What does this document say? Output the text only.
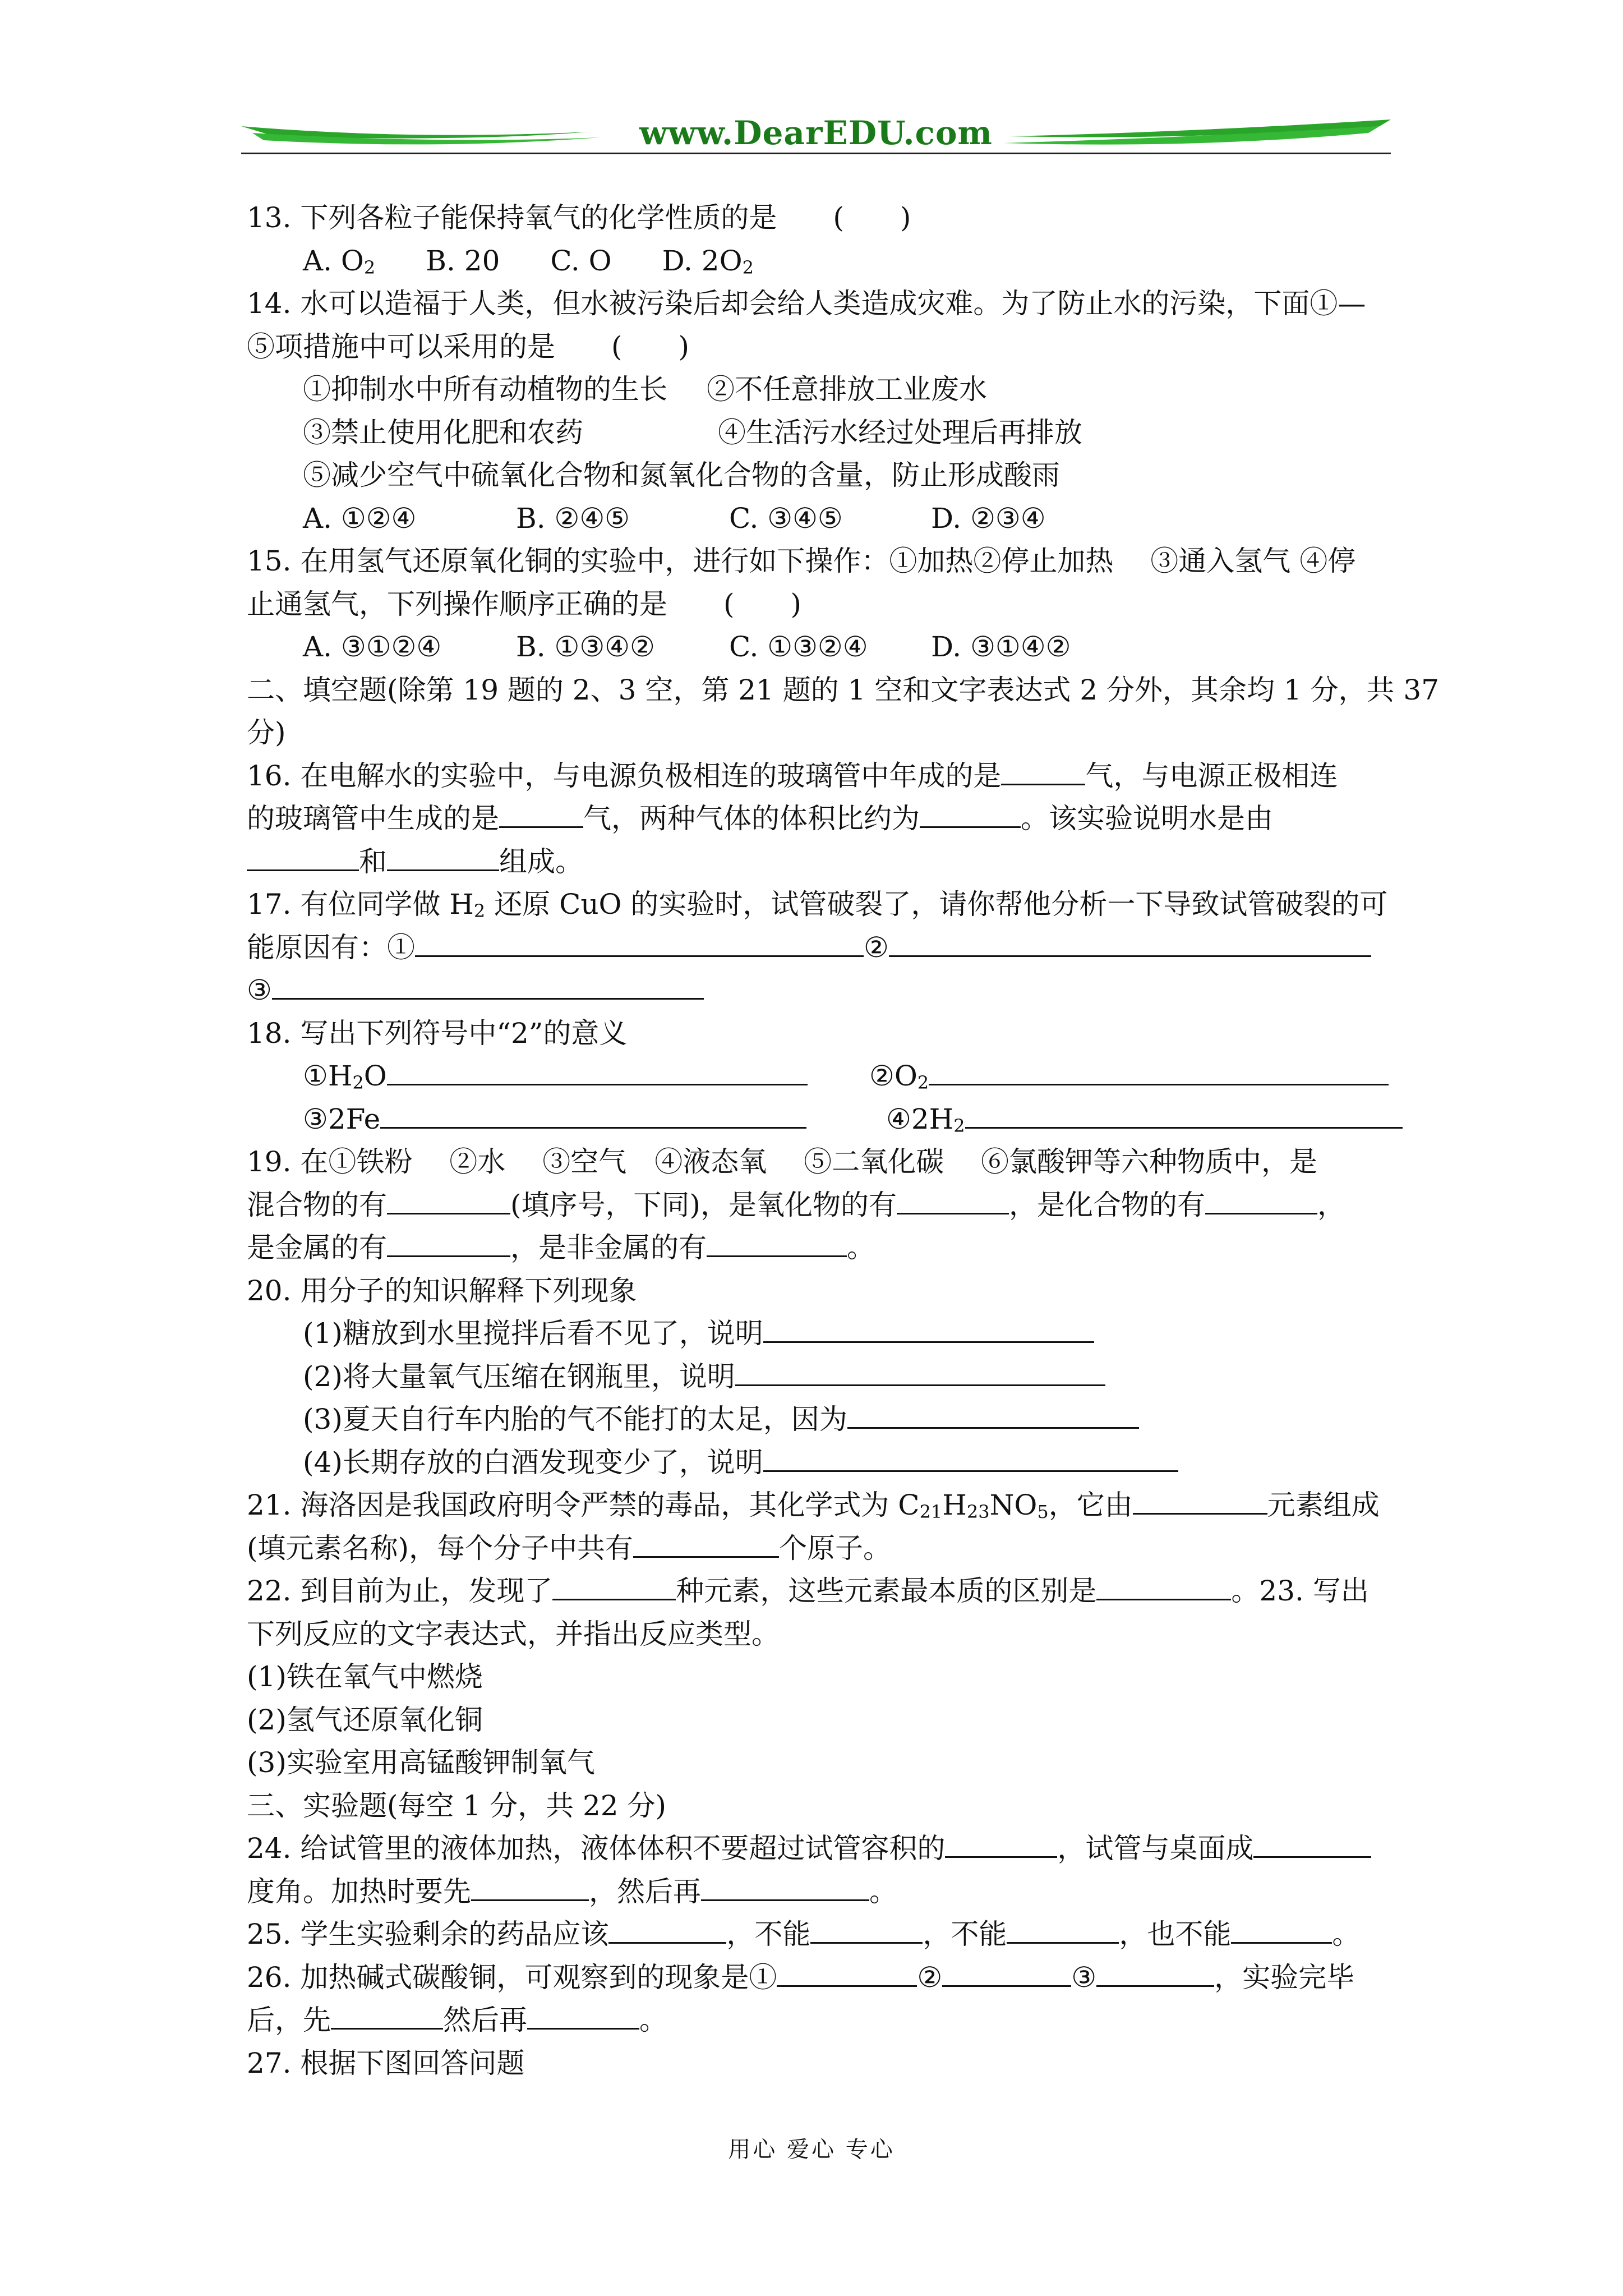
www.DearEDU.com
13. 下列各粒子能保持氧气的化学性质的是 (　　)
A. $O_2$ B. 20 C. O D. $2O_2$
14. 水可以造福于人类，但水被污染后却会给人类造成灾难。为了防止水的污染，下面①—
⑤项措施中可以采用的是　　(　　)
①抑制水中所有动植物的生长 ②不任意排放工业废水
③禁止使用化肥和农药	④生活污水经过处理后再排放
⑤减少空气中硫氧化合物和氮氧化合物的含量，防止形成酸雨
A. ①②④	B. ②④⑤	C. ③④⑤	D. ②③④
15. 在用氢气还原氧化铜的实验中，进行如下操作：①加热②停止加热　 ③通入氢气 ④停
止通氢气，下列操作顺序正确的是　　(　　)
A. ③①②④	B. ①③④②	C. ①③②④ D. ③①④②
二、填空题(除第 19 题的 2、3 空，第 21 题的 1 空和文字表达式 2 分外，其余均 1 分，共 37
分)
16. 在电解水的实验中，与电源负极相连的玻璃管中年成的是	气，与电源正极相连
的玻璃管中生成的是	气，两种气体的体积比约为	。该实验说明水是由
和	组成。
17. 有位同学做 $H_2$ 还原 CuO 的实验时，试管破裂了，请你帮他分析一下导致试管破裂的可
能原因有：①	②
③
18. 写出下列符号中“2”的意义
$①H_2O$	$②O_2$
③2Fe	$④2H_2$
19. 在①铁粉　 ②水　 ③空气　④液态氧　 ⑤二氧化碳　 ⑥氯酸钾等六种物质中，是
混合物的有	(填序号，下同)，是氧化物的有	，是化合物的有	，
是金属的有	，是非金属的有	。
20. 用分子的知识解释下列现象
(1)糖放到水里搅拌后看不见了，说明
(2)将大量氧气压缩在钢瓶里，说明
(3)夏天自行车内胎的气不能打的太足，因为
(4)长期存放的白酒发现变少了，说明
21. 海洛因是我国政府明令严禁的毒品，其化学式为 $C_{21}H_{23}NO_5$，它由	元素组成
(填元素名称)，每个分子中共有	个原子。
22. 到目前为止，发现了	种元素，这些元素最本质的区别是	。23. 写出
下列反应的文字表达式，并指出反应类型。
(1)铁在氧气中燃烧
(2)氢气还原氧化铜
(3)实验室用高锰酸钾制氧气
三、实验题(每空 1 分，共 22 分)
24. 给试管里的液体加热，液体体积不要超过试管容积的	，试管与桌面成
度角。加热时要先	，然后再	。
25. 学生实验剩余的药品应该	，不能	，不能	，也不能	。
26. 加热碱式碳酸铜，可观察到的现象是①	②	③	，实验完毕
后，先	然后再	。
27. 根据下图回答问题
用心 爱心 专心
